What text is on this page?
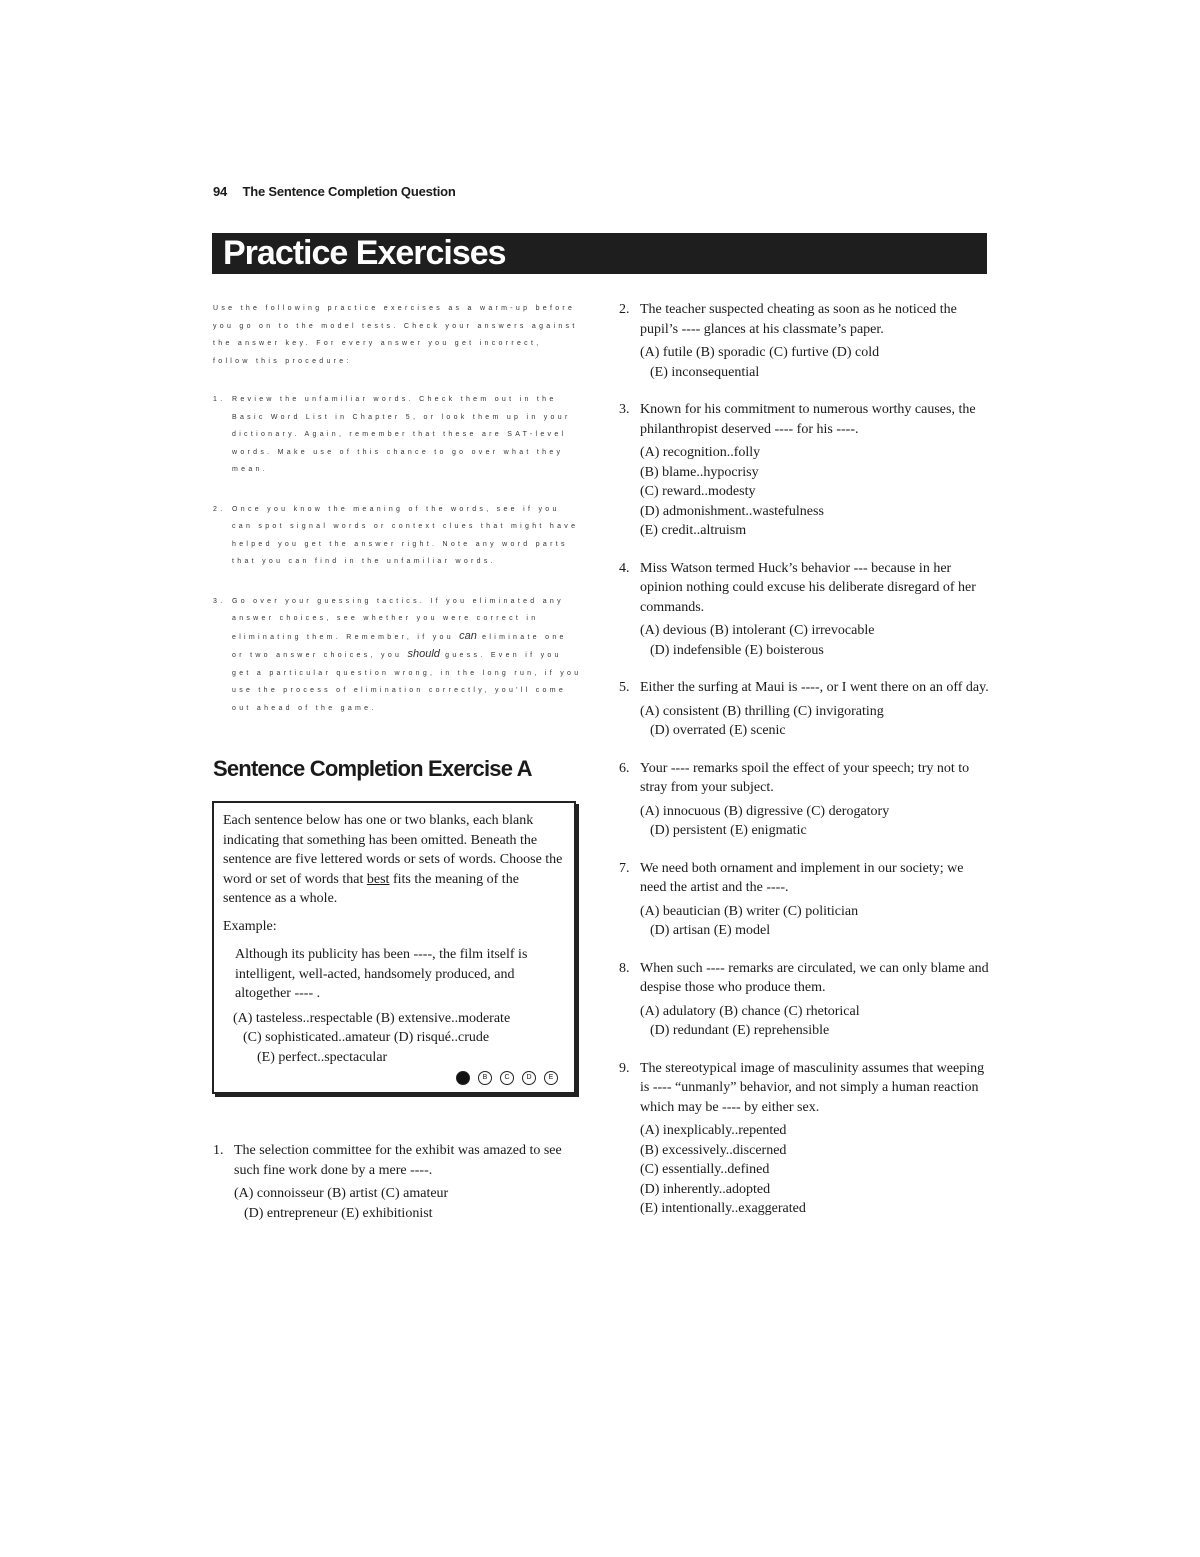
94 The Sentence Completion Question
Practice Exercises

Use the following practice exercises as a warm-up before you go on to the model tests. Check your answers against the answer key. For every answer you get incorrect, follow this procedure:

1. Review the unfamiliar words. Check them out in the Basic Word List in Chapter 5, or look them up in your dictionary. Again, remember that these are SAT-level words. Make use of this chance to go over what they mean.
2. Once you know the meaning of the words, see if you can spot signal words or context clues that might have helped you get the answer right. Note any word parts that you can find in the unfamiliar words.
3. Go over your guessing tactics. If you eliminated any answer choices, see whether you were correct in eliminating them. Remember, if you can eliminate one or two answer choices, you should guess. Even if you get a particular question wrong, in the long run, if you use the process of elimination correctly, you'll come out ahead of the game.
Sentence Completion Exercise A

Each sentence below has one or two blanks, each blank indicating that something has been omitted. Beneath the sentence are five lettered words or sets of words. Choose the word or set of words that best fits the meaning of the sentence as a whole.

Example:

Although its publicity has been ----, the film itself is intelligent, well-acted, handsomely produced, and altogether ---- .

(A) tasteless..respectable (B) extensive..moderate

(C) sophisticated..amateur (D) risqué..crude

(E) perfect..spectacular

B	C	D	E
1. The selection committee for the exhibit was amazed to see such fine work done by a mere ----.

(A) connoisseur (B) artist (C) amateur

(D) entrepreneur (E) exhibitionist

2. The teacher suspected cheating as soon as he noticed the pupil’s ---- glances at his classmate’s paper.

(A) futile (B) sporadic (C) furtive (D) cold

(E) inconsequential

3. Known for his commitment to numerous worthy causes, the philanthropist deserved ---- for his ----.

(A) recognition..folly

(B) blame..hypocrisy

(C) reward..modesty

(D) admonishment..wastefulness

(E) credit..altruism

4. Miss Watson termed Huck’s behavior --- because in her opinion nothing could excuse his deliberate disregard of her commands.

(A) devious (B) intolerant (C) irrevocable

(D) indefensible (E) boisterous

5. Either the surfing at Maui is ----, or I went there on an off day.

(A) consistent (B) thrilling (C) invigorating

(D) overrated (E) scenic

6. Your ---- remarks spoil the effect of your speech; try not to stray from your subject.

(A) innocuous (B) digressive (C) derogatory

(D) persistent (E) enigmatic

7. We need both ornament and implement in our society; we need the artist and the ----.

(A) beautician (B) writer (C) politician

(D) artisan (E) model

8. When such ---- remarks are circulated, we can only blame and despise those who produce them.

(A) adulatory (B) chance (C) rhetorical

(D) redundant (E) reprehensible

9. The stereotypical image of masculinity assumes that weeping is ---- “unmanly” behavior, and not simply a human reaction which may be ---- by either sex.

(A) inexplicably..repented

(B) excessively..discerned

(C) essentially..defined

(D) inherently..adopted

(E) intentionally..exaggerated
